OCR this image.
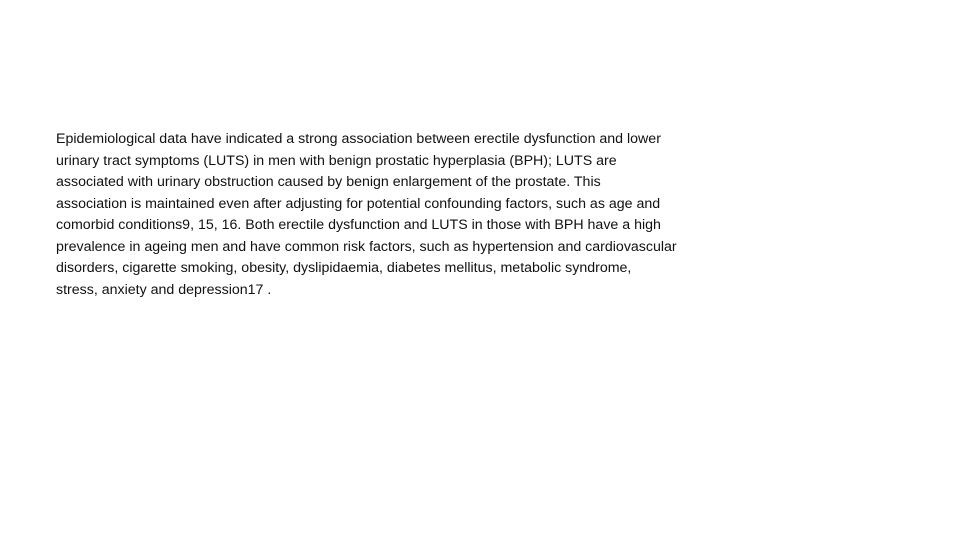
Epidemiological data have indicated a strong association between erectile dysfunction and lower
urinary tract symptoms (LUTS) in men with benign prostatic hyperplasia (BPH); LUTS are
associated with urinary obstruction caused by benign enlargement of the prostate. This
association is maintained even after adjusting for potential confounding factors, such as age and
comorbid conditions9, 15, 16. Both erectile dysfunction and LUTS in those with BPH have a high
prevalence in ageing men and have common risk factors, such as hypertension and cardiovascular
disorders, cigarette smoking, obesity, dyslipidaemia, diabetes mellitus, metabolic syndrome,
stress, anxiety and depression17 .
